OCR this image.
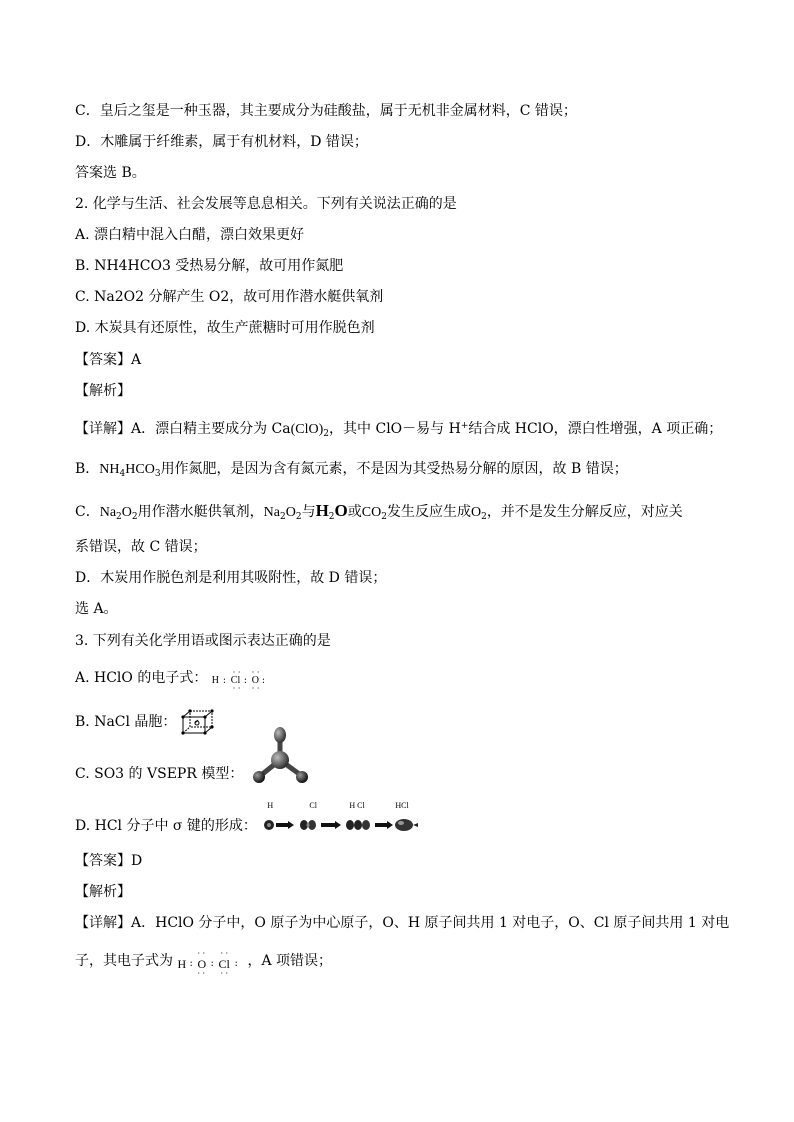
C．皇后之玺是一种玉器，其主要成分为硅酸盐，属于无机非金属材料，C 错误；
D．木雕属于纤维素，属于有机材料，D 错误；
答案选 B。
2. 化学与生活、社会发展等息息相关。下列有关说法正确的是
A. 漂白精中混入白醋，漂白效果更好
B. NH4HCO3 受热易分解，故可用作氮肥
C. Na2O2 分解产生 O2，故可用作潜水艇供氧剂
D. 木炭具有还原性，故生产蔗糖时可用作脱色剂
【答案】A
【解析】
【详解】A．漂白精主要成分为 $Ca(ClO)_2$，其中 ClO－易与 H+结合成 HClO，漂白性增强，A 项正确；
B．$NH_4HCO_3$用作氮肥，是因为含有氮元素，不是因为其受热易分解的原因，故 B 错误；
C．$Na_2O_2$用作潜水艇供氧剂，$Na_2O_2$与$H_2O$或$CO_2$发生反应生成$O_2$，并不是发生分解反应，对应关
系错误，故 C 错误；
D．木炭用作脱色剂是利用其吸附性，故 D 错误；
选 A。
3. 下列有关化学用语或图示表达正确的是
A. HClO 的电子式： H : Cl
· ·
· ·
: O
· ·
· ·
:
B. NaCl 晶胞：
C. SO3 的 VSEPR 模型：
D. HCl 分子中 σ 键的形成：
H	Cl	H Cl	HCl
【答案】D
【解析】
【详解】A．HClO 分子中，O 原子为中心原子，O、H 原子间共用 1 对电子，O、Cl 原子间共用 1 对电
子，其电子式为 H : O
· ·
· ·
: Cl
· ·
· ·
: ，A 项错误；
